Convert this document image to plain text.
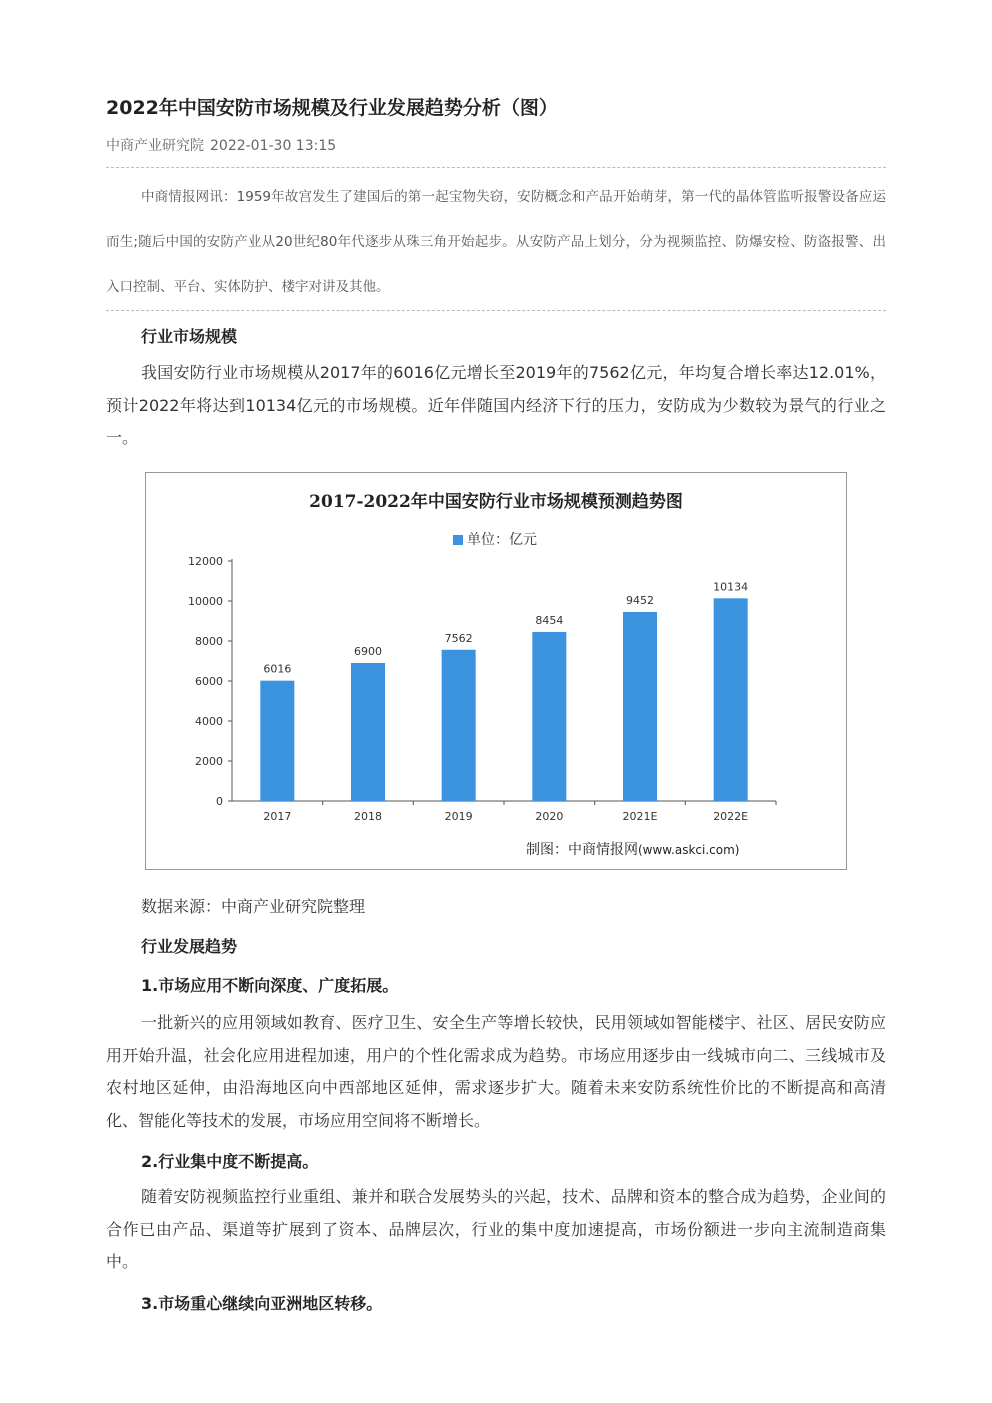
2022年中国安防市场规模及行业发展趋势分析（图）
中商产业研究院 2022-01-30 13:15
中商情报网讯：1959年故宫发生了建国后的第一起宝物失窃，安防概念和产品开始萌芽，第一代的晶体管监听报警设备应运而生;随后中国的安防产业从20世纪80年代逐步从珠三角开始起步。从安防产品上划分，分为视频监控、防爆安检、防盗报警、出入口控制、平台、实体防护、楼宇对讲及其他。
行业市场规模
我国安防行业市场规模从2017年的6016亿元增长至2019年的7562亿元，年均复合增长率达12.01%，预计2022年将达到10134亿元的市场规模。近年伴随国内经济下行的压力，安防成为少数较为景气的行业之一。
0
2000
4000
6000
8000
10000
12000
6016
2017
6900
2018
7562
2019
8454
2020
9452
2021E
10134
2022E
2017-2022年中国安防行业市场规模预测趋势图
单位：亿元
制图：中商情报网(www.askci.com)
数据来源：中商产业研究院整理
行业发展趋势
1.市场应用不断向深度、广度拓展。
一批新兴的应用领域如教育、医疗卫生、安全生产等增长较快，民用领域如智能楼宇、社区、居民安防应用开始升温，社会化应用进程加速，用户的个性化需求成为趋势。市场应用逐步由一线城市向二、三线城市及农村地区延伸，由沿海地区向中西部地区延伸，需求逐步扩大。随着未来安防系统性价比的不断提高和高清化、智能化等技术的发展，市场应用空间将不断增长。
2.行业集中度不断提高。
随着安防视频监控行业重组、兼并和联合发展势头的兴起，技术、品牌和资本的整合成为趋势，企业间的合作已由产品、渠道等扩展到了资本、品牌层次，行业的集中度加速提高，市场份额进一步向主流制造商集中。
3.市场重心继续向亚洲地区转移。
